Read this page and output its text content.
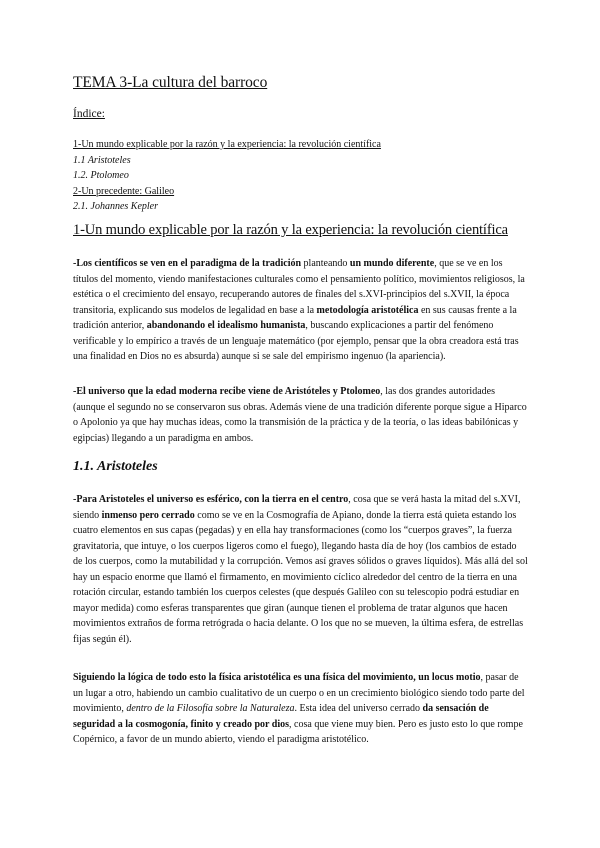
TEMA 3-La cultura del barroco
Índice:
1-Un mundo explicable por la razón y la experiencia: la revolución científica
1.1 Aristoteles
1.2. Ptolomeo
2-Un precedente: Galileo
2.1. Johannes Kepler
1-Un mundo explicable por la razón y la experiencia: la revolución científica
-Los científicos se ven en el paradigma de la tradición planteando un mundo diferente, que se ve en los títulos del momento, viendo manifestaciones culturales como el pensamiento político, movimientos religiosos, la estética o el crecimiento del ensayo, recuperando autores de finales del s.XVI-principios del s.XVII, la época transitoria, explicando sus modelos de legalidad en base a la metodología aristotélica en sus causas frente a la tradición anterior, abandonando el idealismo humanista, buscando explicaciones a partir del fenómeno verificable y lo empírico a través de un lenguaje matemático (por ejemplo, pensar que la obra creadora está tras una finalidad en Dios no es absurda) aunque si se sale del empirismo ingenuo (la apariencia).
-El universo que la edad moderna recibe viene de Aristóteles y Ptolomeo, las dos grandes autoridades (aunque el segundo no se conservaron sus obras. Además viene de una tradición diferente porque sigue a Hiparco o Apolonio ya que hay muchas ideas, como la transmisión de la práctica y de la teoría, o las ideas babilónicas y egipcias) llegando a un paradigma en ambos.
1.1. Aristoteles
-Para Aristoteles el universo es esférico, con la tierra en el centro, cosa que se verá hasta la mitad del s.XVI, siendo inmenso pero cerrado como se ve en la Cosmografía de Apiano, donde la tierra está quieta estando los cuatro elementos en sus capas (pegadas) y en ella hay transformaciones (como los “cuerpos graves”, la fuerza gravitatoria, que intuye, o los cuerpos ligeros como el fuego), llegando hasta día de hoy (los cambios de estado de los cuerpos, como la mutabilidad y la corrupción. Vemos así graves sólidos o graves líquidos). Más allá del sol hay un espacio enorme que llamó el firmamento, en movimiento cíclico alrededor del centro de la tierra en una rotación circular, estando también los cuerpos celestes (que después Galileo con su telescopio podrá estudiar en mayor medida) como esferas transparentes que giran (aunque tienen el problema de tratar algunos que hacen movimientos extraños de forma retrógrada o hacia delante. O los que no se mueven, la última esfera, de estrellas fijas según él).
Siguiendo la lógica de todo esto la física aristotélica es una física del movimiento, un locus motio, pasar de un lugar a otro, habiendo un cambio cualitativo de un cuerpo o en un crecimiento biológico siendo todo parte del movimiento, dentro de la Filosofía sobre la Naturaleza. Esta idea del universo cerrado da sensación de seguridad a la cosmogonía, finito y creado por dios, cosa que viene muy bien. Pero es justo esto lo que rompe Copérnico, a favor de un mundo abierto, viendo el paradigma aristotélico.
